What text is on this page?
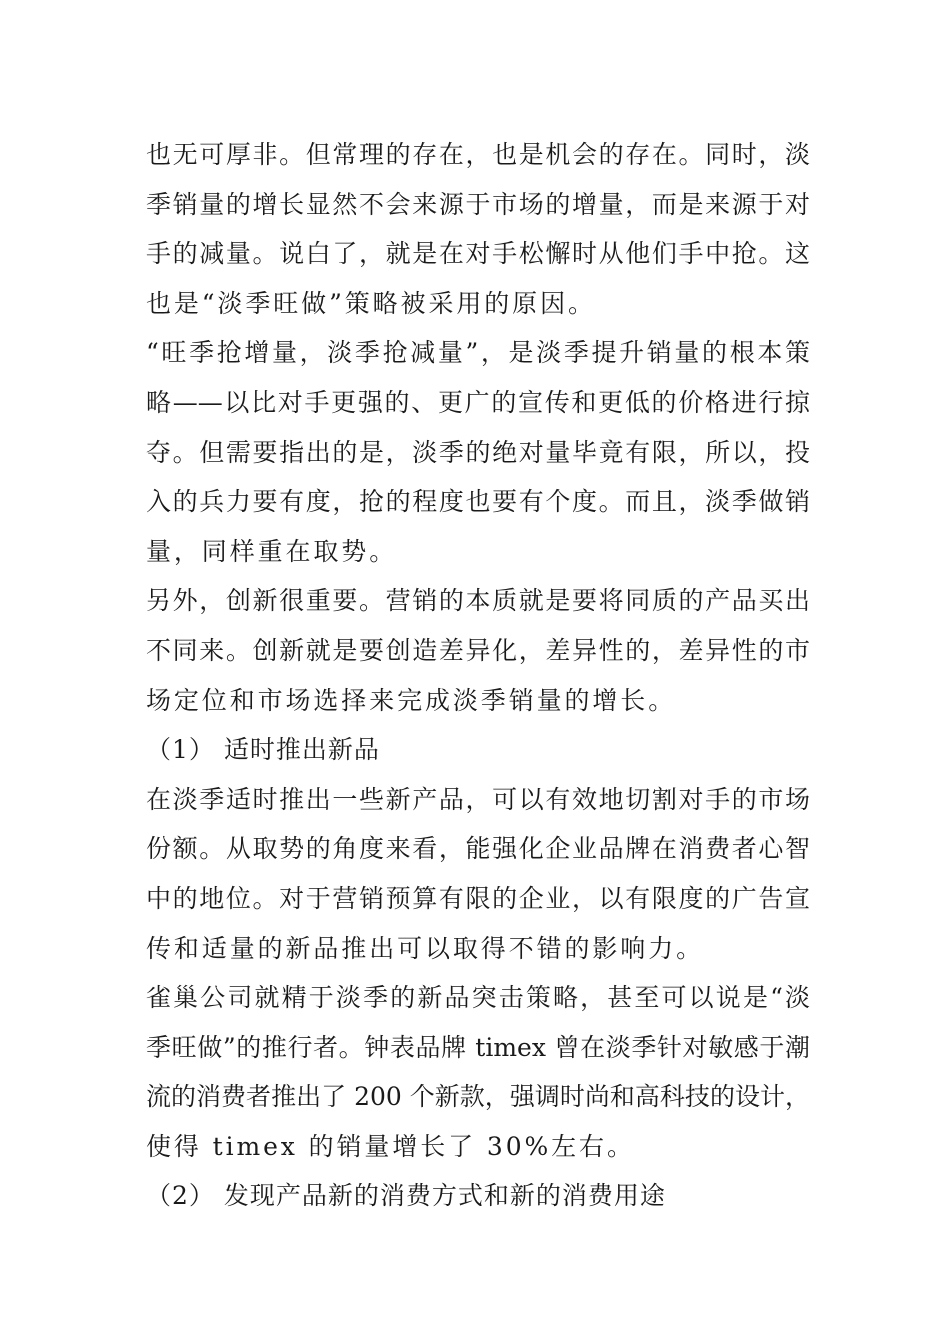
也无可厚非。但常理的存在，也是机会的存在。同时，淡
季销量的增长显然不会来源于市场的增量，而是来源于对
手的减量。说白了，就是在对手松懈时从他们手中抢。这
也是“淡季旺做”策略被采用的原因。
“旺季抢增量，淡季抢减量”，是淡季提升销量的根本策
略——以比对手更强的、更广的宣传和更低的价格进行掠
夺。但需要指出的是，淡季的绝对量毕竟有限，所以，投
入的兵力要有度，抢的程度也要有个度。而且，淡季做销
量，同样重在取势。
另外，创新很重要。营销的本质就是要将同质的产品买出
不同来。创新就是要创造差异化，差异性的，差异性的市
场定位和市场选择来完成淡季销量的增长。
（1） 适时推出新品
在淡季适时推出一些新产品，可以有效地切割对手的市场
份额。从取势的角度来看，能强化企业品牌在消费者心智
中的地位。对于营销预算有限的企业，以有限度的广告宣
传和适量的新品推出可以取得不错的影响力。
雀巢公司就精于淡季的新品突击策略，甚至可以说是“淡
季旺做”的推行者。钟表品牌 timex 曾在淡季针对敏感于潮
流的消费者推出了 200 个新款，强调时尚和高科技的设计，
使得 timex 的销量增长了 30%左右。
（2） 发现产品新的消费方式和新的消费用途
